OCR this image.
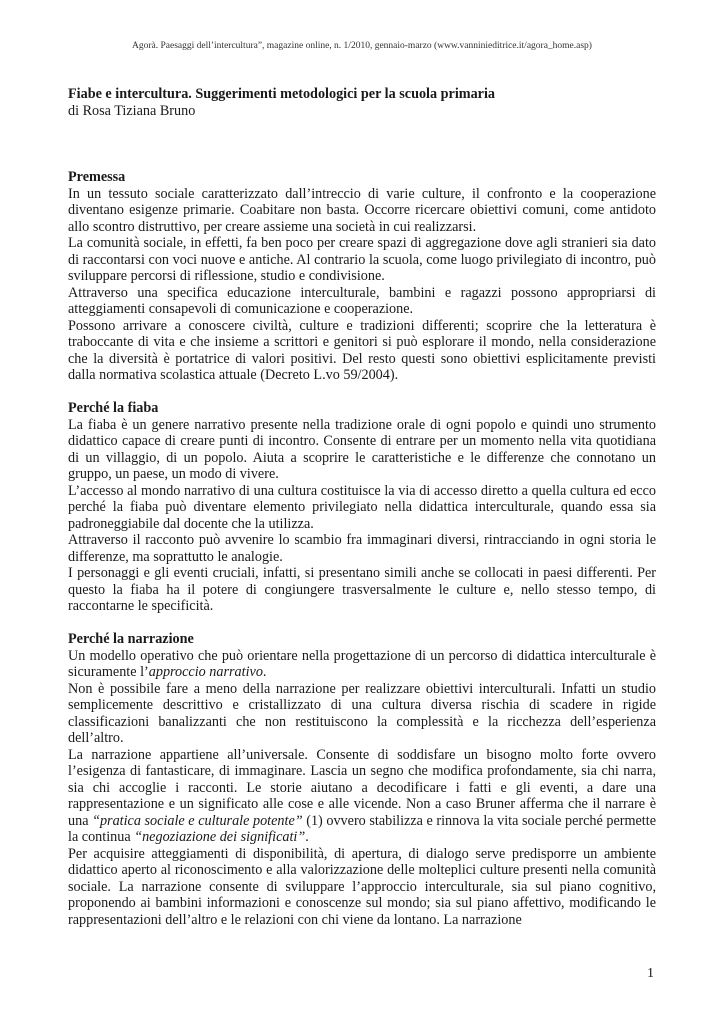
Agorà. Paesaggi dell’intercultura”, magazine online, n. 1/2010, gennaio-marzo (www.vanninieditrice.it/agora_home.asp)

Fiabe e intercultura. Suggerimenti metodologici per la scuola primaria

di Rosa Tiziana Bruno

Premessa

In un tessuto sociale caratterizzato dall’intreccio di varie culture, il confronto e la cooperazione diventano esigenze primarie. Coabitare non basta. Occorre ricercare obiettivi comuni, come antidoto allo scontro distruttivo, per creare assieme una società in cui realizzarsi.

La comunità sociale, in effetti, fa ben poco per creare spazi di aggregazione dove agli stranieri sia dato di raccontarsi con voci nuove e antiche. Al contrario la scuola, come luogo privilegiato di incontro, può sviluppare percorsi di riflessione, studio e condivisione.

Attraverso una specifica educazione interculturale, bambini e ragazzi possono appropriarsi di atteggiamenti consapevoli di comunicazione e cooperazione.

Possono arrivare a conoscere civiltà, culture e tradizioni differenti; scoprire che la letteratura è traboccante di vita e che insieme a scrittori e genitori si può esplorare il mondo, nella considerazione che la diversità è portatrice di valori positivi. Del resto questi sono obiettivi esplicitamente previsti dalla normativa scolastica attuale (Decreto L.vo 59/2004).

Perché la fiaba

La fiaba è un genere narrativo presente nella tradizione orale di ogni popolo e quindi uno strumento didattico capace di creare punti di incontro. Consente di entrare per un momento nella vita quotidiana di un villaggio, di un popolo. Aiuta a scoprire le caratteristiche e le differenze che connotano un gruppo, un paese, un modo di vivere.

L’accesso al mondo narrativo di una cultura costituisce la via di accesso diretto a quella cultura ed ecco perché la fiaba può diventare elemento privilegiato nella didattica interculturale, quando essa sia padroneggiabile dal docente che la utilizza.

Attraverso il racconto può avvenire lo scambio fra immaginari diversi, rintracciando in ogni storia le differenze, ma soprattutto le analogie.

I personaggi e gli eventi cruciali, infatti, si presentano simili anche se collocati in paesi differenti. Per questo la fiaba ha il potere di congiungere trasversalmente le culture e, nello stesso tempo, di raccontarne le specificità.

Perché la narrazione

Un modello operativo che può orientare nella progettazione di un percorso di didattica interculturale è sicuramente l’approccio narrativo.

Non è possibile fare a meno della narrazione per realizzare obiettivi interculturali. Infatti un studio semplicemente descrittivo e cristallizzato di una cultura diversa rischia di scadere in rigide classificazioni banalizzanti che non restituiscono la complessità e la ricchezza dell’esperienza dell’altro.

La narrazione appartiene all’universale. Consente di soddisfare un bisogno molto forte ovvero l’esigenza di fantasticare, di immaginare. Lascia un segno che modifica profondamente, sia chi narra, sia chi accoglie i racconti. Le storie aiutano a decodificare i fatti e gli eventi, a dare una rappresentazione e un significato alle cose e alle vicende. Non a caso Bruner afferma che il narrare è una “pratica sociale e culturale potente” (1) ovvero stabilizza e rinnova la vita sociale perché permette la continua “negoziazione dei significati”.

Per acquisire atteggiamenti di disponibilità, di apertura, di dialogo serve predisporre un ambiente didattico aperto al riconoscimento e alla valorizzazione delle molteplici culture presenti nella comunità sociale. La narrazione consente di sviluppare l’approccio interculturale, sia sul piano cognitivo, proponendo ai bambini informazioni e conoscenze sul mondo; sia sul piano affettivo, modificando le rappresentazioni dell’altro e le relazioni con chi viene da lontano. La narrazione

1
